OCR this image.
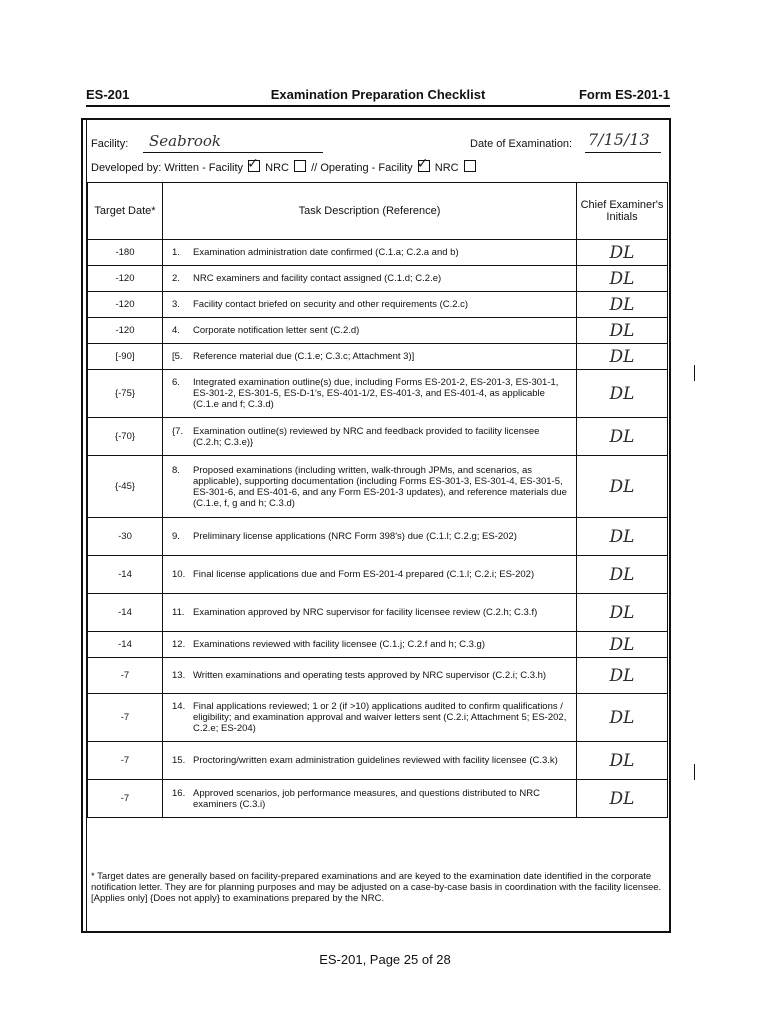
ES-201	Examination Preparation Checklist	Form ES-201-1
Facility: Seabrook	Date of Examination: 7/15/13
Developed by: Written - Facility ✓ NRC // Operating - Facility ✓ NRC
Target Date*	Task Description (Reference)	Chief Examiner's Initials
-180	1. Examination administration date confirmed (C.1.a; C.2.a and b)	DL
-120	2. NRC examiners and facility contact assigned (C.1.d; C.2.e)	DL
-120	3. Facility contact briefed on security and other requirements (C.2.c)	DL
-120	4. Corporate notification letter sent (C.2.d)	DL
[-90]	[5. Reference material due (C.1.e; C.3.c; Attachment 3)]	DL
{-75}	6. Integrated examination outline(s) due, including Forms ES-201-2, ES-201-3, ES-301-1, ES-301-2, ES-301-5, ES-D-1's, ES-401-1/2, ES-401-3, and ES-401-4, as applicable (C.1.e and f; C.3.d)	DL
{-70}	{7. Examination outline(s) reviewed by NRC and feedback provided to facility licensee (C.2.h; C.3.e)}	DL
{-45}	8. Proposed examinations (including written, walk-through JPMs, and scenarios, as applicable), supporting documentation (including Forms ES-301-3, ES-301-4, ES-301-5, ES-301-6, and ES-401-6, and any Form ES-201-3 updates), and reference materials due (C.1.e, f, g and h; C.3.d)	DL
-30	9. Preliminary license applications (NRC Form 398's) due (C.1.l; C.2.g; ES-202)	DL
-14	10. Final license applications due and Form ES-201-4 prepared (C.1.l; C.2.i; ES-202)	DL
-14	11. Examination approved by NRC supervisor for facility licensee review (C.2.h; C.3.f)	DL
-14	12. Examinations reviewed with facility licensee (C.1.j; C.2.f and h; C.3.g)	DL
-7	13. Written examinations and operating tests approved by NRC supervisor (C.2.i; C.3.h)	DL
-7	14. Final applications reviewed; 1 or 2 (if >10) applications audited to confirm qualifications / eligibility; and examination approval and waiver letters sent (C.2.i; Attachment 5; ES-202, C.2.e; ES-204)	DL
-7	15. Proctoring/written exam administration guidelines reviewed with facility licensee (C.3.k)	DL
-7	16. Approved scenarios, job performance measures, and questions distributed to NRC examiners (C.3.i)	DL
* Target dates are generally based on facility-prepared examinations and are keyed to the examination date identified in the corporate notification letter. They are for planning purposes and may be adjusted on a case-by-case basis in coordination with the facility licensee.
[Applies only] {Does not apply} to examinations prepared by the NRC.
ES-201, Page 25 of 28
